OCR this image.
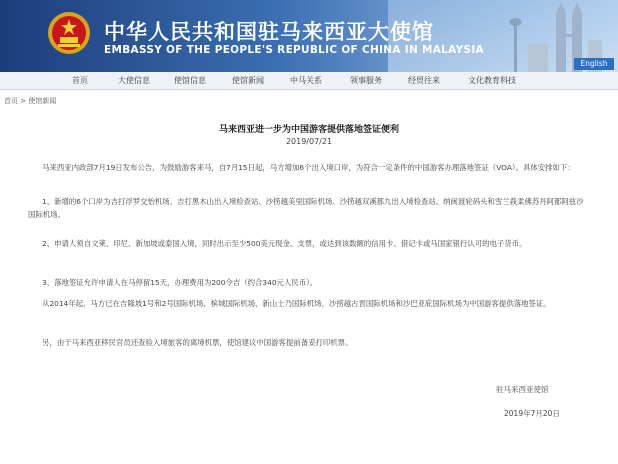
中华人民共和国驻马来西亚大使馆
EMBASSY OF THE PEOPLE'S REPUBLIC OF CHINA IN MALAYSIA
English
首页	大使信息	使馆信息	使馆新闻	中马关系	领事服务	经贸往来	文化教育科技
首页 > 使馆新闻
马来西亚进一步为中国游客提供落地签证便利
2019/07/21

马来西亚内政部7月19日发布公告，为鼓励游客来马，自7月15日起，马方增加6个出入境口岸，为符合一定条件的中国游客办理落地签证（VOA）。具体安排如下：

1、新增的6个口岸为吉打浮罗交怡机场、吉打黑木山出入境检查站、沙捞越美里国际机场、沙捞越双溪都九出入境检查站、纳闽渡轮码头和雪兰莪柔佛苏丹阿都阿兹沙国际机场。

2、申请人须自文莱、印尼、新加坡或泰国入境，同时出示至少500美元现金、支票，或达到该数额的信用卡、借记卡或马国家银行认可的电子货币。

3、落地签证允许申请人在马停留15天，办理费用为200令吉（约合340元人民币）。

从2014年起，马方已在吉隆坡1号和2号国际机场、槟城国际机场、新山士乃国际机场、沙捞越古晋国际机场和沙巴亚庇国际机场为中国游客提供落地签证。

另，由于马来西亚移民官员还查验入境旅客的离境机票，使馆建议中国游客提前备妥打印机票。

驻马来西亚使馆
2019年7月20日
